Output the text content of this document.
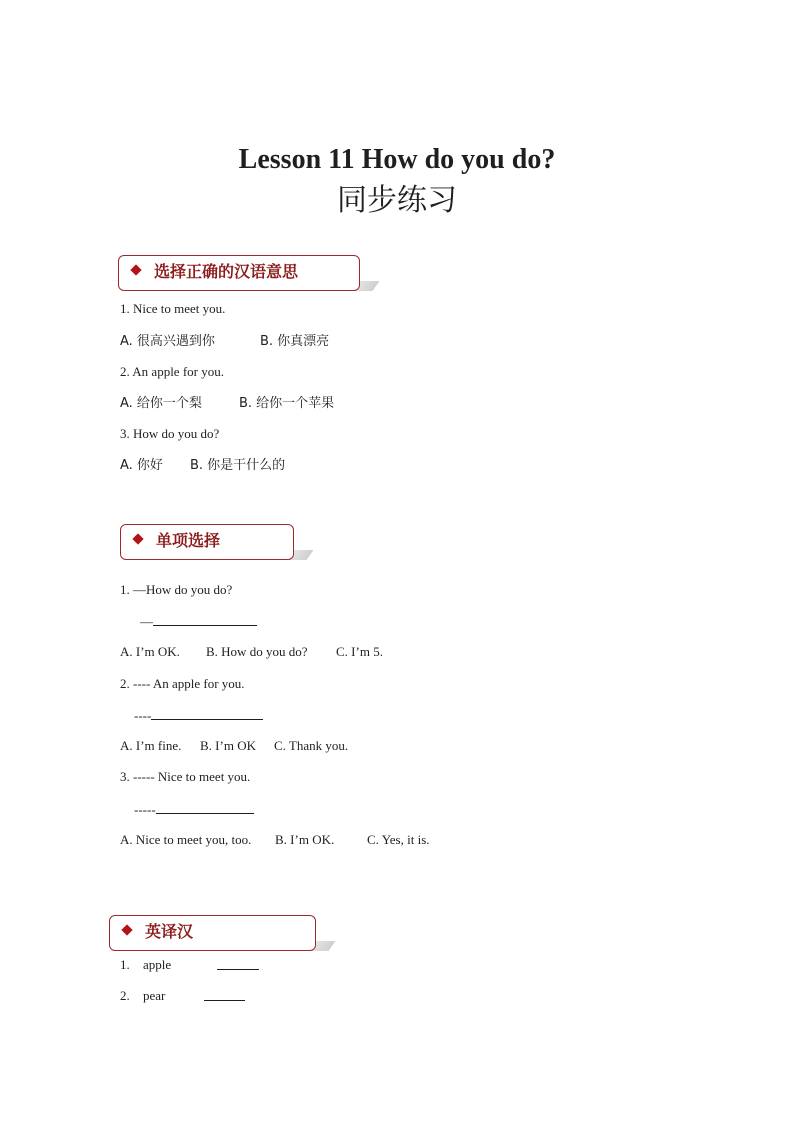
Lesson 11 How do you do?
同步练习
选择正确的汉语意思
1. Nice to meet you.
A. 很高兴遇到你	B. 你真漂亮
2. An apple for you.
A. 给你一个梨	B. 给你一个苹果
3. How do you do?
A. 你好 B. 你是干什么的
单项选择
1. —How do you do?
—
A. I’m OK. B. How do you do? C. I’m 5.
2. ---- An apple for you.
----
A. I’m fine. B. I’m OK C. Thank you.
3. ----- Nice to meet you.
-----
A. Nice to meet you, too. B. I’m OK.	C. Yes, it is.
英译汉
1. apple
2. pear
